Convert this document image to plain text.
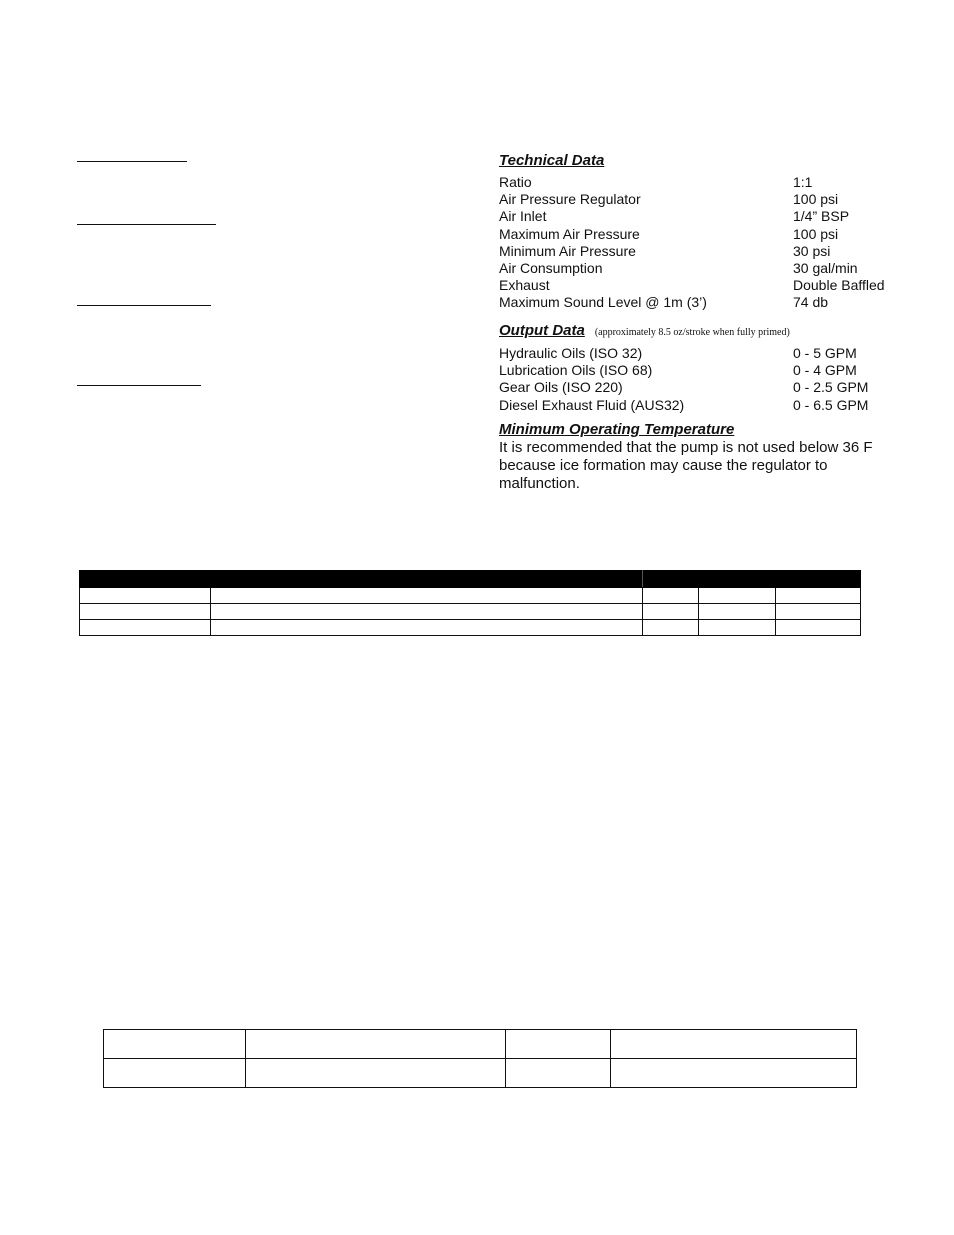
Technical Data
Ratio	1:1
Air Pressure Regulator	100 psi
Air Inlet	1/4” BSP
Maximum Air Pressure	100 psi
Minimum Air Pressure	30 psi
Air Consumption	30 gal/min
Exhaust	Double Baffled
Maximum Sound Level @ 1m (3’)	74 db
Output Data (approximately 8.5 oz/stroke when fully primed)
Hydraulic Oils (ISO 32)	0 - 5 GPM
Lubrication Oils (ISO 68)	0 - 4 GPM
Gear Oils (ISO 220)	0 - 2.5 GPM
Diesel Exhaust Fluid (AUS32)	0 - 6.5 GPM
Minimum Operating Temperature

It is recommended that the pump is not used below 36 F because ice formation may cause the regulator to malfunction.
